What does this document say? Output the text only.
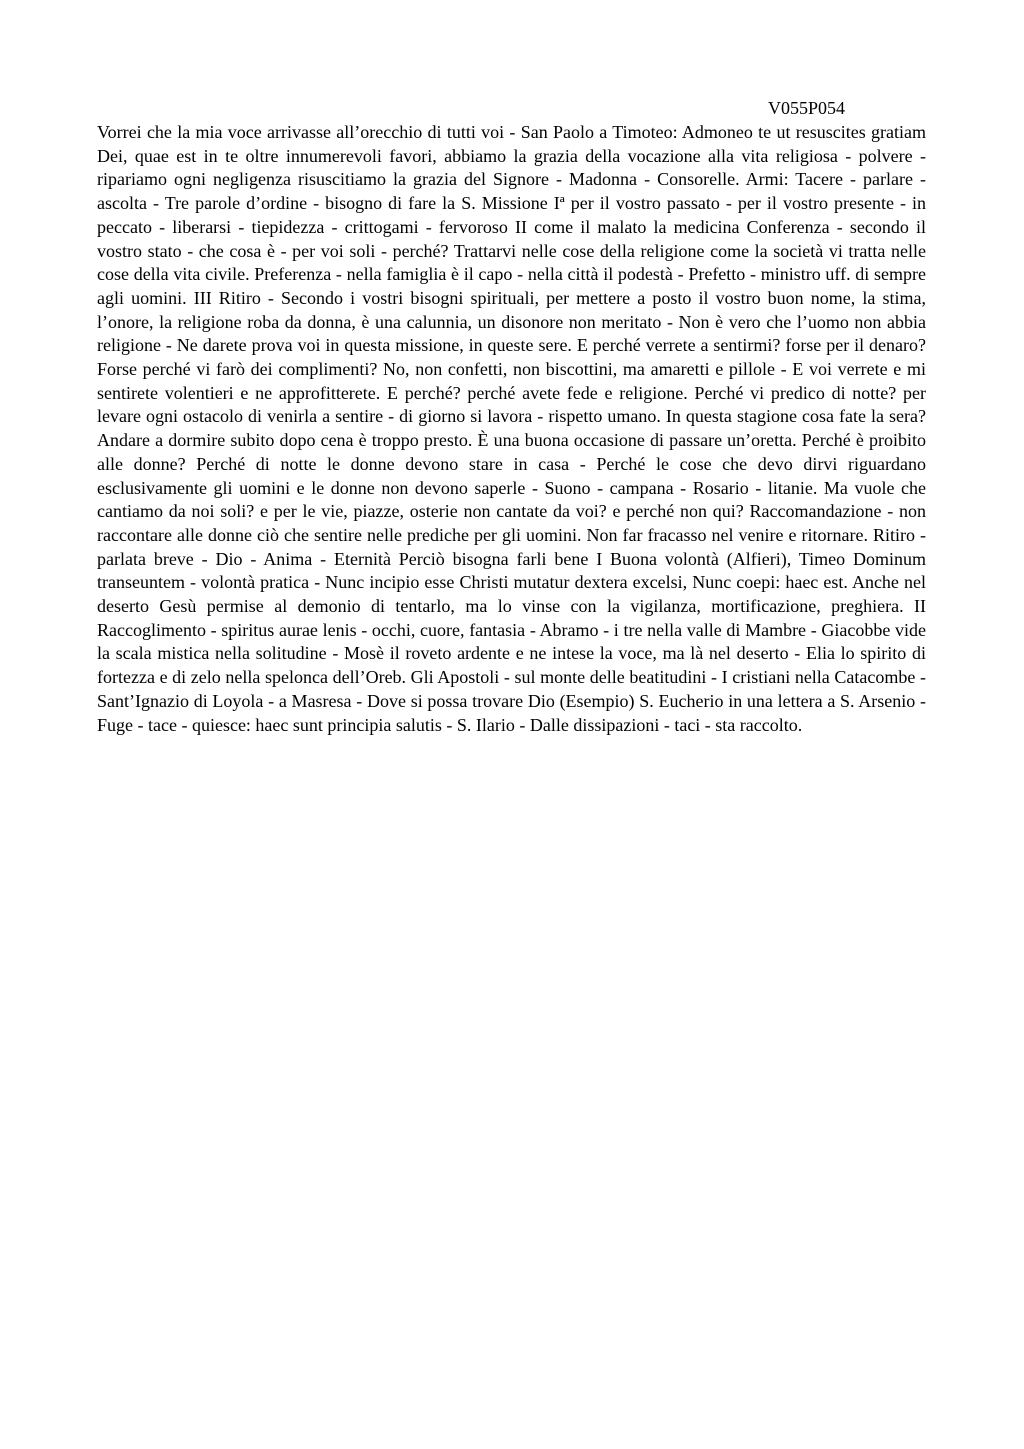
V055P054

Vorrei che la mia voce arrivasse all’orecchio di tutti voi - San Paolo a Timoteo: Admoneo te ut resuscites gratiam Dei, quae est in te oltre innumerevoli favori, abbiamo la grazia della vocazione alla vita religiosa - polvere - ripariamo ogni negligenza risuscitiamo la grazia del Signore - Madonna - Consorelle. Armi: Tacere - parlare - ascolta - Tre parole d’ordine - bisogno di fare la S. Missione Iª per il vostro passato - per il vostro presente - in peccato - liberarsi - tiepidezza - crittogami - fervoroso II come il malato la medicina Conferenza - secondo il vostro stato - che cosa è - per voi soli - perché? Trattarvi nelle cose della religione come la società vi tratta nelle cose della vita civile. Preferenza - nella famiglia è il capo - nella città il podestà - Prefetto - ministro uff. di sempre agli uomini. III Ritiro - Secondo i vostri bisogni spirituali, per mettere a posto il vostro buon nome, la stima, l’onore, la religione roba da donna, è una calunnia, un disonore non meritato - Non è vero che l’uomo non abbia religione - Ne darete prova voi in questa missione, in queste sere. E perché verrete a sentirmi? forse per il denaro? Forse perché vi farò dei complimenti? No, non confetti, non biscottini, ma amaretti e pillole - E voi verrete e mi sentirete volentieri e ne approfitterete. E perché? perché avete fede e religione. Perché vi predico di notte? per levare ogni ostacolo di venirla a sentire - di giorno si lavora - rispetto umano. In questa stagione cosa fate la sera? Andare a dormire subito dopo cena è troppo presto. È una buona occasione di passare un’oretta. Perché è proibito alle donne? Perché di notte le donne devono stare in casa - Perché le cose che devo dirvi riguardano esclusivamente gli uomini e le donne non devono saperle - Suono - campana - Rosario - litanie. Ma vuole che cantiamo da noi soli? e per le vie, piazze, osterie non cantate da voi? e perché non qui? Raccomandazione - non raccontare alle donne ciò che sentire nelle prediche per gli uomini. Non far fracasso nel venire e ritornare. Ritiro - parlata breve - Dio - Anima - Eternità Perciò bisogna farli bene I Buona volontà (Alfieri), Timeo Dominum transeuntem - volontà pratica - Nunc incipio esse Christi mutatur dextera excelsi, Nunc coepi: haec est. Anche nel deserto Gesù permise al demonio di tentarlo, ma lo vinse con la vigilanza, mortificazione, preghiera. II Raccoglimento - spiritus aurae lenis - occhi, cuore, fantasia - Abramo - i tre nella valle di Mambre - Giacobbe vide la scala mistica nella solitudine - Mosè il roveto ardente e ne intese la voce, ma là nel deserto - Elia lo spirito di fortezza e di zelo nella spelonca dell’Oreb. Gli Apostoli - sul monte delle beatitudini - I cristiani nella Catacombe - Sant’Ignazio di Loyola - a Masresa - Dove si possa trovare Dio (Esempio) S. Eucherio in una lettera a S. Arsenio - Fuge - tace - quiesce: haec sunt principia salutis - S. Ilario - Dalle dissipazioni - taci - sta raccolto.
